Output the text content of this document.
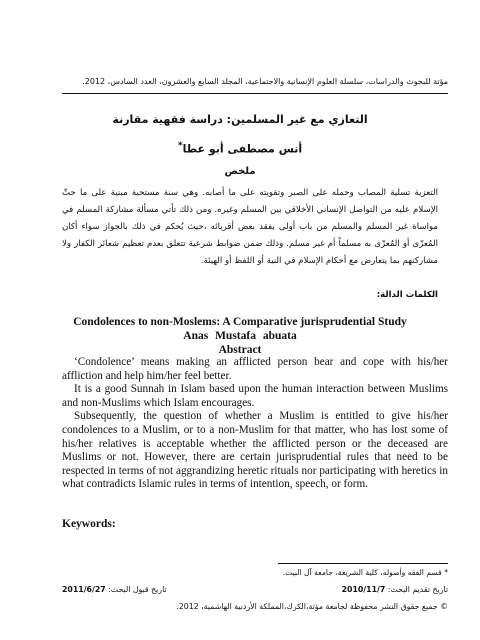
مؤتة للبحوث والدراسات، سلسلة العلوم الإنسانية والاجتماعية، المجلد السابع والعشرون، العدد السادس، 2012.
التعازي مع غير المسلمين: دراسة فقهية مقارنة
أنس مصطفى أبو عطا*
ملخص
التعزية تسلية المصاب وحمله على الصبر وتقويته على ما أصابه. وهي سنة مستحبة مبنية على ما حثّ الإسلام عليه من التواصل الإنساني الأخلاقي بين المسلم وغيره. ومن ذلك تأتي مسألة مشاركة المسلم في مواساة غير المسلم والمسلم من باب أولى يفقد بعض أقربائه ،حيث يُحكم في ذلك بالجواز سواء أكان المُعزّى أو المُعزّى به مسلماً أم غير مسلم. وذلك ضمن ضوابط شرعية تتعلق بعدم تعظيم شعائر الكفار ولا مشاركتهم بما يتعارض مع أحكام الإسلام في النية أو اللفظ أو الهيئة.
الكلمات الدالة:
Condolences to non-Moslems: A Comparative jurisprudential Study
Anas Mustafa abuata
Abstract

‘Condolence’ means making an afflicted person bear and cope with his/her affliction and help him/her feel better.

It is a good Sunnah in Islam based upon the human interaction between Muslims and non-Muslims which Islam encourages.

Subsequently, the question of whether a Muslim is entitled to give his/her condolences to a Muslim, or to a non-Muslim for that matter, who has lost some of his/her relatives is acceptable whether the afflicted person or the deceased are Muslims or not. However, there are certain jurisprudential rules that need to be respected in terms of not aggrandizing heretic rituals nor participating with heretics in what contradicts Islamic rules in terms of intention, speech, or form.

Keywords:
* قسم الفقه وأصوله، كلية الشريعة، جامعة آل البيت.
تاريخ تقديم البحث: 2010/11/7
تاريخ قبول البحث: 2011/6/27
© جميع حقوق النشر محفوظة لجامعة مؤتة،الكرك،المملكة الأردنية الهاشمية، 2012.
